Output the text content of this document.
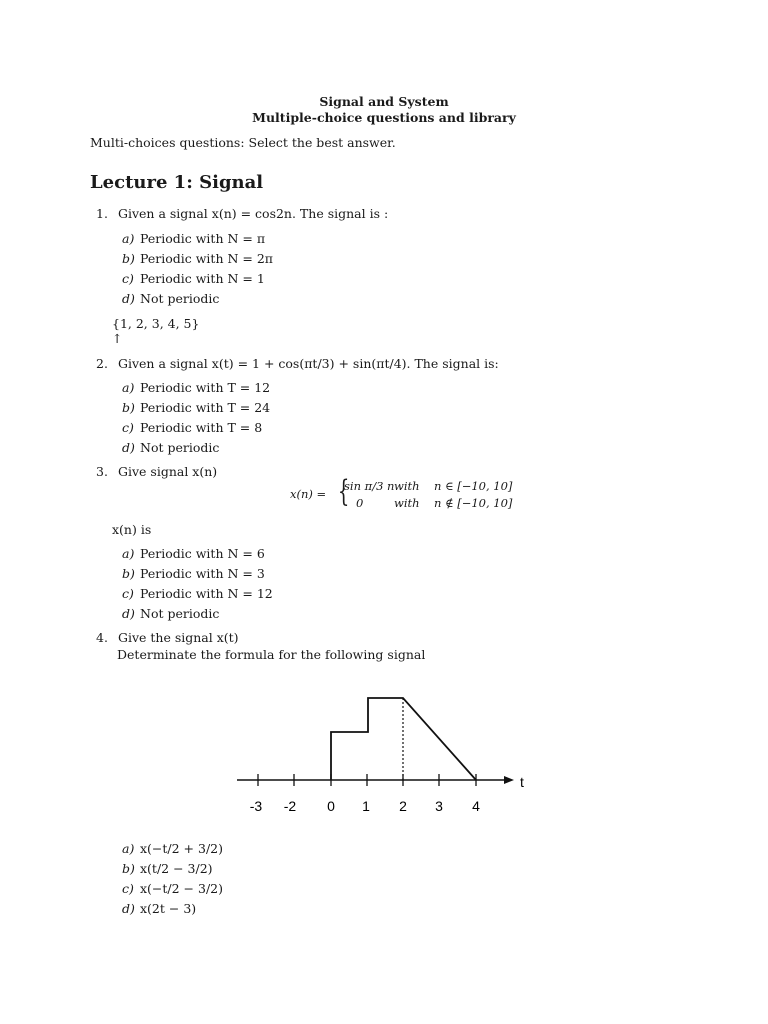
Signal and System
Multiple-choice questions and library
Multi-choices questions: Select the best answer.
Lecture 1: Signal
1. Given a signal x(n) = cos2n. The signal is :
a) Periodic with N = π
b) Periodic with N = 2π
c) Periodic with N = 1
d) Not periodic
{1, 2, 3, 4, 5}
↑
2. Given a signal x(t) = 1 + cos(πt/3) + sin(πt/4). The signal is:
a) Periodic with T = 12
b) Periodic with T = 24
c) Periodic with T = 8
d) Not periodic
3. Give signal x(n)
x(n) = {
sin π/3 nwith n ∈ [−10, 10]
0	with n ∉ [−10, 10]
x(n) is
a) Periodic with N = 6
b) Periodic with N = 3
c) Periodic with N = 12
d) Not periodic
4. Give the signal x(t)
Determinate the formula for the following signal
t
-3 -2 0 1 2 3 4
a) x(−t/2 + 3/2)
b) x(t/2 − 3/2)
c) x(−t/2 − 3/2)
d) x(2t − 3)
